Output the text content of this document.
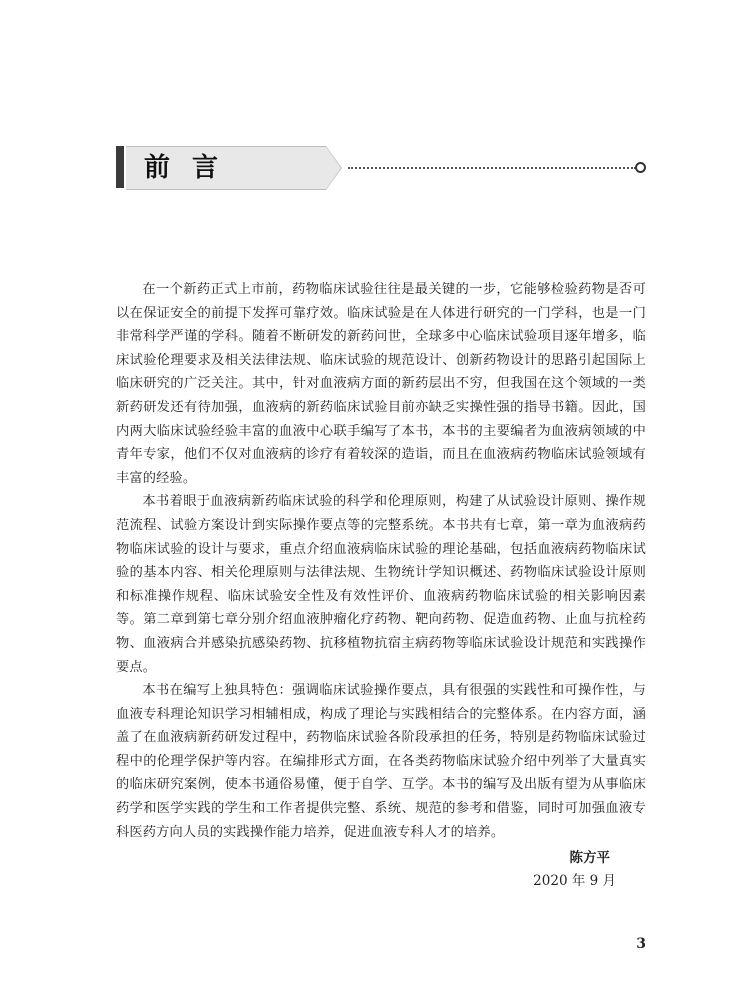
前言

在一个新药正式上市前，药物临床试验往往是最关键的一步，它能够检验药物是否可以在保证安全的前提下发挥可靠疗效。临床试验是在人体进行研究的一门学科，也是一门非常科学严谨的学科。随着不断研发的新药问世，全球多中心临床试验项目逐年增多，临床试验伦理要求及相关法律法规、临床试验的规范设计、创新药物设计的思路引起国际上临床研究的广泛关注。其中，针对血液病方面的新药层出不穷，但我国在这个领域的一类新药研发还有待加强，血液病的新药临床试验目前亦缺乏实操性强的指导书籍。因此，国内两大临床试验经验丰富的血液中心联手编写了本书，本书的主要编者为血液病领域的中青年专家，他们不仅对血液病的诊疗有着较深的造诣，而且在血液病药物临床试验领域有丰富的经验。

本书着眼于血液病新药临床试验的科学和伦理原则，构建了从试验设计原则、操作规范流程、试验方案设计到实际操作要点等的完整系统。本书共有七章，第一章为血液病药物临床试验的设计与要求，重点介绍血液病临床试验的理论基础，包括血液病药物临床试验的基本内容、相关伦理原则与法律法规、生物统计学知识概述、药物临床试验设计原则和标准操作规程、临床试验安全性及有效性评价、血液病药物临床试验的相关影响因素等。第二章到第七章分别介绍血液肿瘤化疗药物、靶向药物、促造血药物、止血与抗栓药物、血液病合并感染抗感染药物、抗移植物抗宿主病药物等临床试验设计规范和实践操作要点。

本书在编写上独具特色：强调临床试验操作要点，具有很强的实践性和可操作性，与血液专科理论知识学习相辅相成，构成了理论与实践相结合的完整体系。在内容方面，涵盖了在血液病新药研发过程中，药物临床试验各阶段承担的任务，特别是药物临床试验过程中的伦理学保护等内容。在编排形式方面，在各类药物临床试验介绍中列举了大量真实的临床研究案例，使本书通俗易懂，便于自学、互学。本书的编写及出版有望为从事临床药学和医学实践的学生和工作者提供完整、系统、规范的参考和借鉴，同时可加强血液专科医药方向人员的实践操作能力培养，促进血液专科人才的培养。

陈方平
2020 年 9 月
3
